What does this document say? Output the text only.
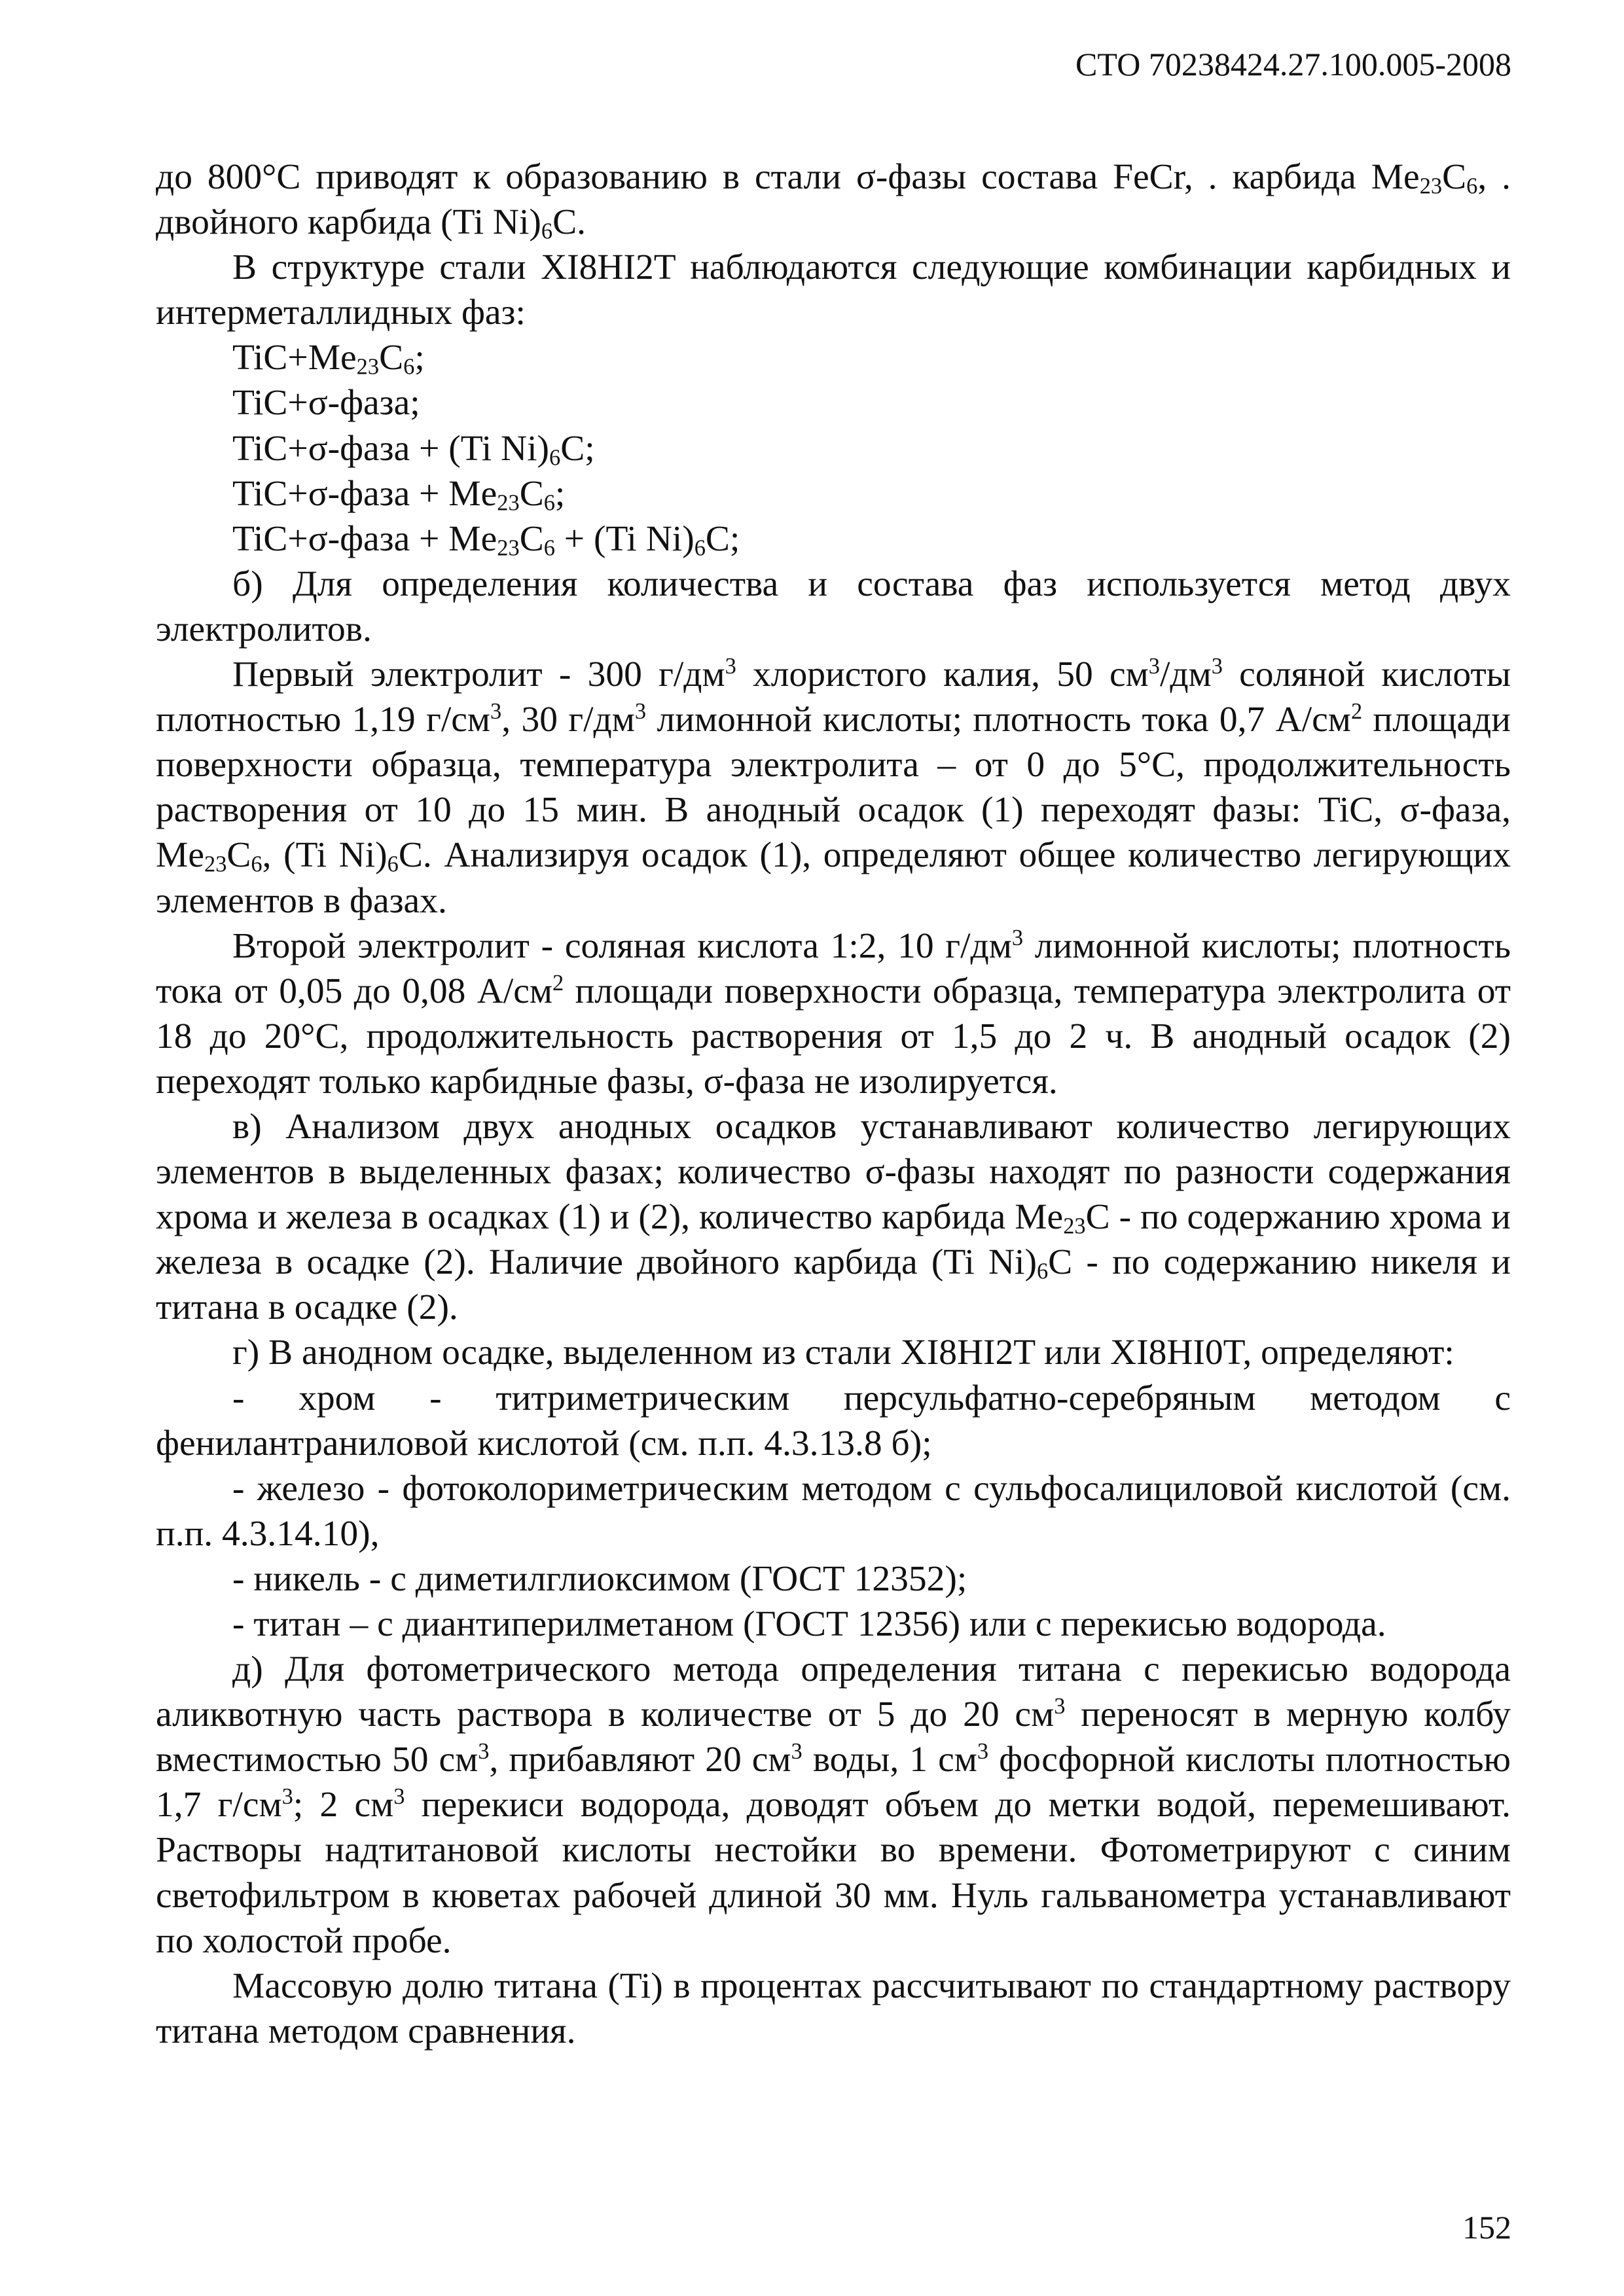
СТО 70238424.27.100.005-2008

до 800°С приводят к образованию в стали σ-фазы состава FeCr, . карбида $Me_{23}C_6$, . двойного карбида (Ti $Ni)_6C$.

В структуре стали XI8HI2T наблюдаются следующие комбинации карбидных и интерметаллидных фаз:

$TiC+Me_{23}C_6$;

TiC+σ-фаза;

TiC+σ-фаза + (Ti $Ni)_6C$;

TiC+σ-фаза + $Me_{23}C_6$;

TiC+σ-фаза + $Me_{23}C_6 + (Ti$ $Ni)_6C$;

б) Для определения количества и состава фаз используется метод двух электролитов.

Первый электролит - 300 $г/дм^3$ хлористого калия, 50 $см^3/дм^3$ соляной кислоты плотностью 1,19 $г/см^3$, 30 $г/дм^3$ лимонной кислоты; плотность тока 0,7 $А/см^2$ площади поверхности образца, температура электролита – от 0 до 5°С, продолжительность растворения от 10 до 15 мин. В анодный осадок (1) переходят фазы: TiC, σ-фаза, $Me_{23}C_6$, (Ti $Ni)_6C$. Анализируя осадок (1), определяют общее количество легирующих элементов в фазах.

Второй электролит - соляная кислота 1:2, 10 $г/дм^3$ лимонной кислоты; плотность тока от 0,05 до 0,08 $А/см^2$ площади поверхности образца, температура электролита от 18 до 20°С, продолжительность растворения от 1,5 до 2 ч. В анодный осадок (2) переходят только карбидные фазы, σ-фаза не изолируется.

в) Анализом двух анодных осадков устанавливают количество легирующих элементов в выделенных фазах; количество σ-фазы находят по разности содержания хрома и железа в осадках (1) и (2), количество карбида $Me_{23}C$ - по содержанию хрома и железа в осадке (2). Наличие двойного карбида (Ti $Ni)_6C$ - по содержанию никеля и титана в осадке (2).

г) В анодном осадке, выделенном из стали XI8HI2T или XI8HI0T, определяют:

- хром - титриметрическим персульфатно-серебряным методом с фенилантраниловой кислотой (см. п.п. 4.3.13.8 б);

- железо - фотоколориметрическим методом с сульфосалициловой кислотой (см. п.п. 4.3.14.10),

- никель - с диметилглиоксимом (ГОСТ 12352);

- титан – с диантиперилметаном (ГОСТ 12356) или с перекисью водорода.

д) Для фотометрического метода определения титана с перекисью водорода аликвотную часть раствора в количестве от 5 до 20 $см^3$ переносят в мерную колбу вместимостью 50 $см^3$, прибавляют 20 $см^3$ воды, 1 $см^3$ фосфорной кислоты плотностью 1,7 $г/см^3$; 2 $см^3$ перекиси водорода, доводят объем до метки водой, перемешивают. Растворы надтитановой кислоты нестойки во времени. Фотометрируют с синим светофильтром в кюветах рабочей длиной 30 мм. Нуль гальванометра устанавливают по холостой пробе.

Массовую долю титана (Ti) в процентах рассчитывают по стандартному раствору титана методом сравнения.

152
